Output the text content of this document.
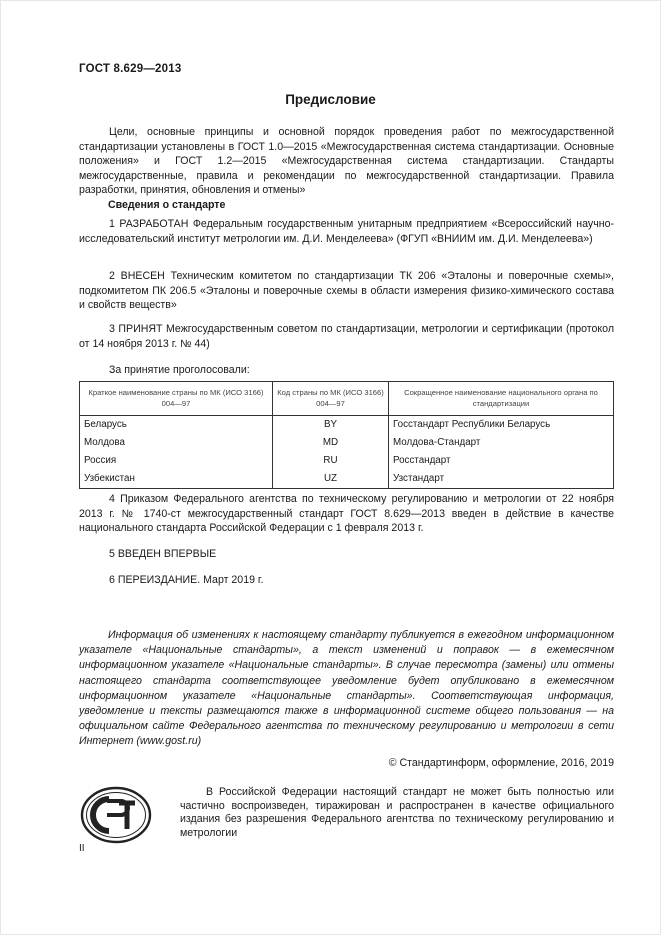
ГОСТ 8.629—2013
Предисловие

Цели, основные принципы и основной порядок проведения работ по межгосударственной стандартизации установлены в ГОСТ 1.0—2015 «Межгосударственная система стандартизации. Основные положения» и ГОСТ 1.2—2015 «Межгосударственная система стандартизации. Стандарты межгосударственные, правила и рекомендации по межгосударственной стандартизации. Правила разработки, принятия, обновления и отмены»

Сведения о стандарте

1 РАЗРАБОТАН Федеральным государственным унитарным предприятием «Всероссийский научно-исследовательский институт метрологии им. Д.И. Менделеева» (ФГУП «ВНИИМ им. Д.И. Менделеева»)

2 ВНЕСЕН Техническим комитетом по стандартизации ТК 206 «Эталоны и поверочные схемы», подкомитетом ПК 206.5 «Эталоны и поверочные схемы в области измерения физико-химического состава и свойств веществ»

3 ПРИНЯТ Межгосударственным советом по стандартизации, метрологии и сертификации (протокол от 14 ноября 2013 г. № 44)

За принятие проголосовали:

Краткое наименование страны по МК (ИСО 3166) 004—97	Код страны по МК (ИСО 3166) 004—97	Сокращенное наименование национального органа по стандартизации
Беларусь	BY	Госстандарт Республики Беларусь
Молдова	MD	Молдова-Стандарт
Россия	RU	Росстандарт
Узбекистан	UZ	Узстандарт

4 Приказом Федерального агентства по техническому регулированию и метрологии от 22 ноября 2013 г. № 1740-ст межгосударственный стандарт ГОСТ 8.629—2013 введен в действие в качестве национального стандарта Российской Федерации с 1 февраля 2013 г.

5 ВВЕДЕН ВПЕРВЫЕ

6 ПЕРЕИЗДАНИЕ. Март 2019 г.

Информация об изменениях к настоящему стандарту публикуется в ежегодном информационном указателе «Национальные стандарты», а текст изменений и поправок — в ежемесячном информационном указателе «Национальные стандарты». В случае пересмотра (замены) или отмены настоящего стандарта соответствующее уведомление будет опубликовано в ежемесячном информационном указателе «Национальные стандарты». Соответствующая информация, уведомление и тексты размещаются также в информационной системе общего пользования — на официальном сайте Федерального агентства по техническому регулированию и метрологии в сети Интернет (www.gost.ru)

© Стандартинформ, оформление, 2016, 2019

В Российской Федерации настоящий стандарт не может быть полностью или частично воспроизведен, тиражирован и распространен в качестве официального издания без разрешения Федерального агентства по техническому регулированию и метрологии

II
